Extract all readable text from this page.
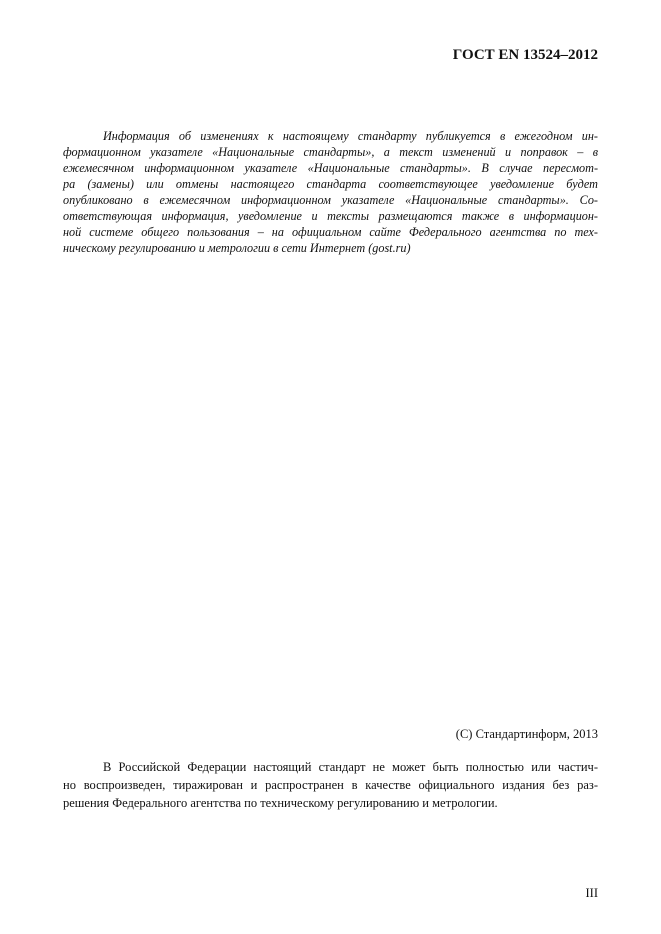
ГОСТ EN 13524–2012
Информация об изменениях к настоящему стандарту публикуется в ежегодном ин-
формационном указателе «Национальные стандарты», а текст изменений и поправок – в
ежемесячном информационном указателе «Национальные стандарты». В случае пересмот-
ра (замены) или отмены настоящего стандарта соответствующее уведомление будет
опубликовано в ежемесячном информационном указателе «Национальные стандарты». Со-
ответствующая информация, уведомление и тексты размещаются также в информацион-
ной системе общего пользования – на официальном сайте Федерального агентства по тех-
ническому регулированию и метрологии в сети Интернет (gost.ru)
(С) Стандартинформ, 2013
В Российской Федерации настоящий стандарт не может быть полностью или частич-
но воспроизведен, тиражирован и распространен в качестве официального издания без раз-
решения Федерального агентства по техническому регулированию и метрологии.
III
